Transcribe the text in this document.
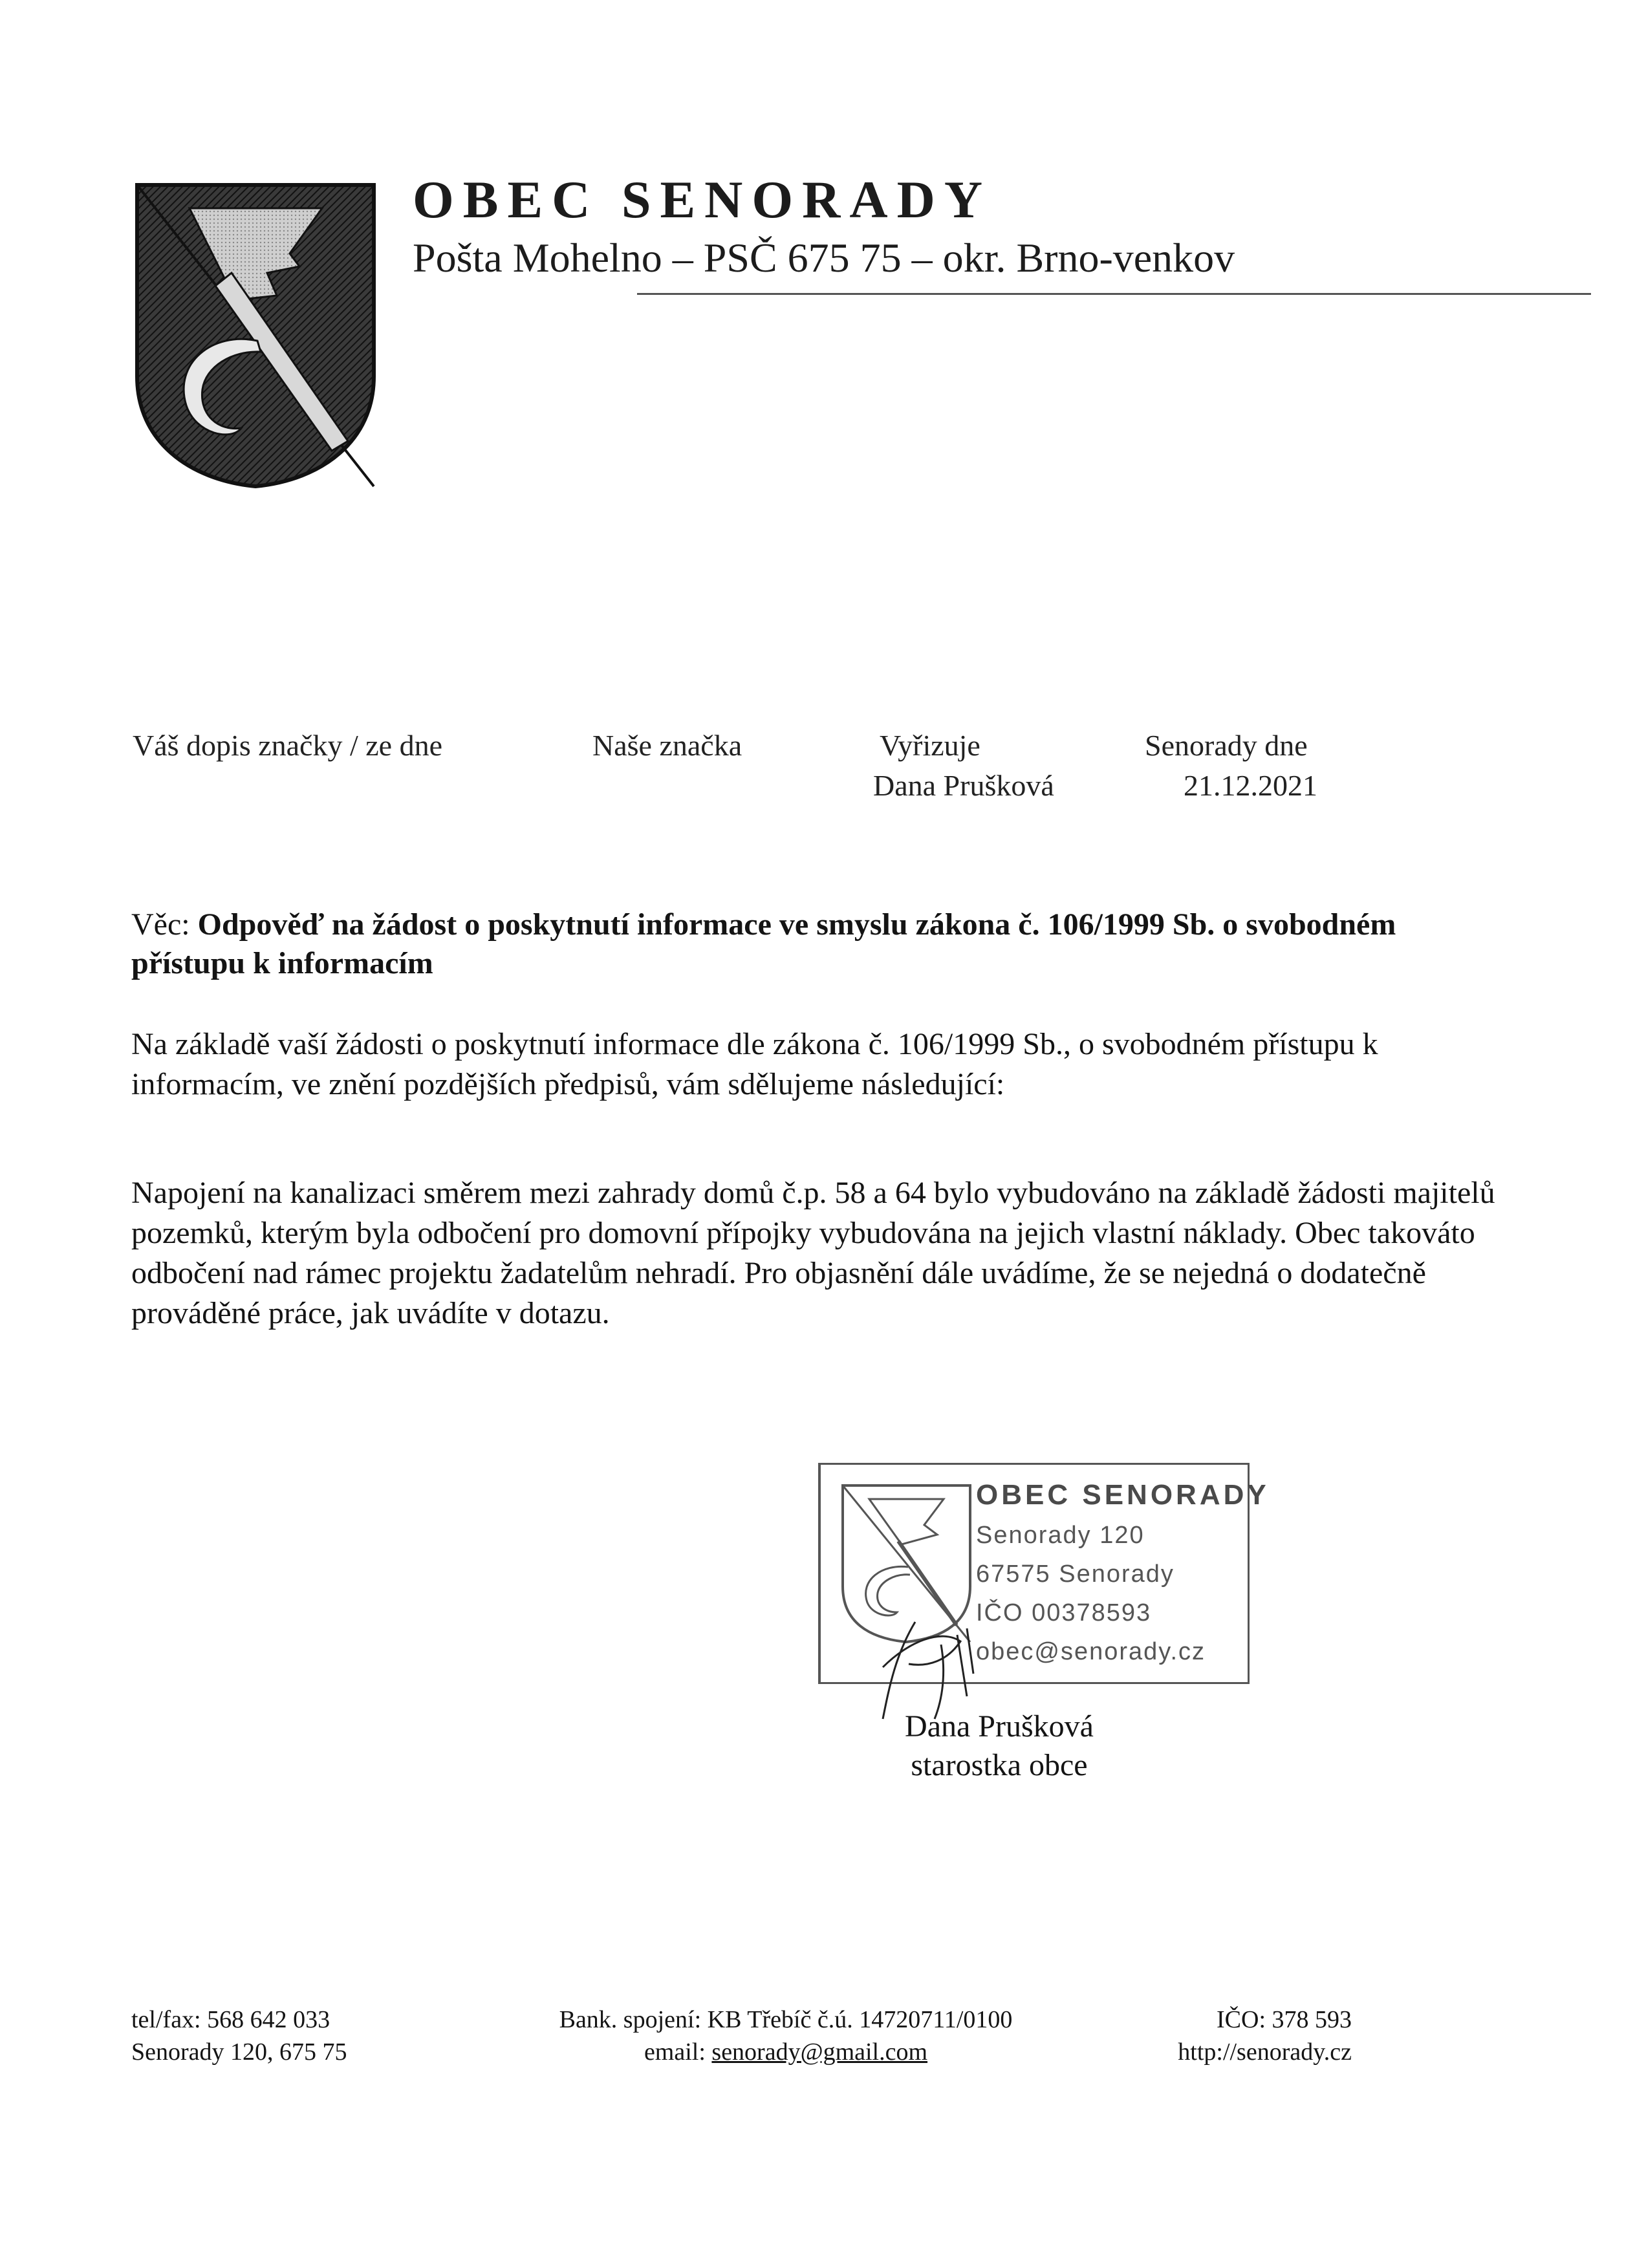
OBEC SENORADY
Pošta Mohelno – PSČ 675 75 – okr. Brno-venkov
Váš dopis značky / ze dne	Naše značka	Vyřizuje
Dana Prušková
Senorady dne
21.12.2021
Věc: Odpověď na žádost o poskytnutí informace ve smyslu zákona č. 106/1999 Sb. o svobodném přístupu k informacím
Na základě vaší žádosti o poskytnutí informace dle zákona č. 106/1999 Sb., o svobodném přístupu k informacím, ve znění pozdějších předpisů, vám sdělujeme následující:
Napojení na kanalizaci směrem mezi zahrady domů č.p. 58 a 64 bylo vybudováno na základě žádosti majitelů pozemků, kterým byla odbočení pro domovní přípojky vybudována na jejich vlastní náklady. Obec takováto odbočení nad rámec projektu žadatelům nehradí. Pro objasnění dále uvádíme, že se nejedná o dodatečně prováděné práce, jak uvádíte v dotazu.
OBEC SENORADY
Senorady 120
67575 Senorady
IČO 00378593
obec@senorady.cz
Dana Prušková
starostka obce
tel/fax: 568 642 033
Senorady 120, 675 75
Bank. spojení: KB Třebíč č.ú. 14720711/0100
email: senorady@gmail.com
IČO: 378 593
http://senorady.cz
